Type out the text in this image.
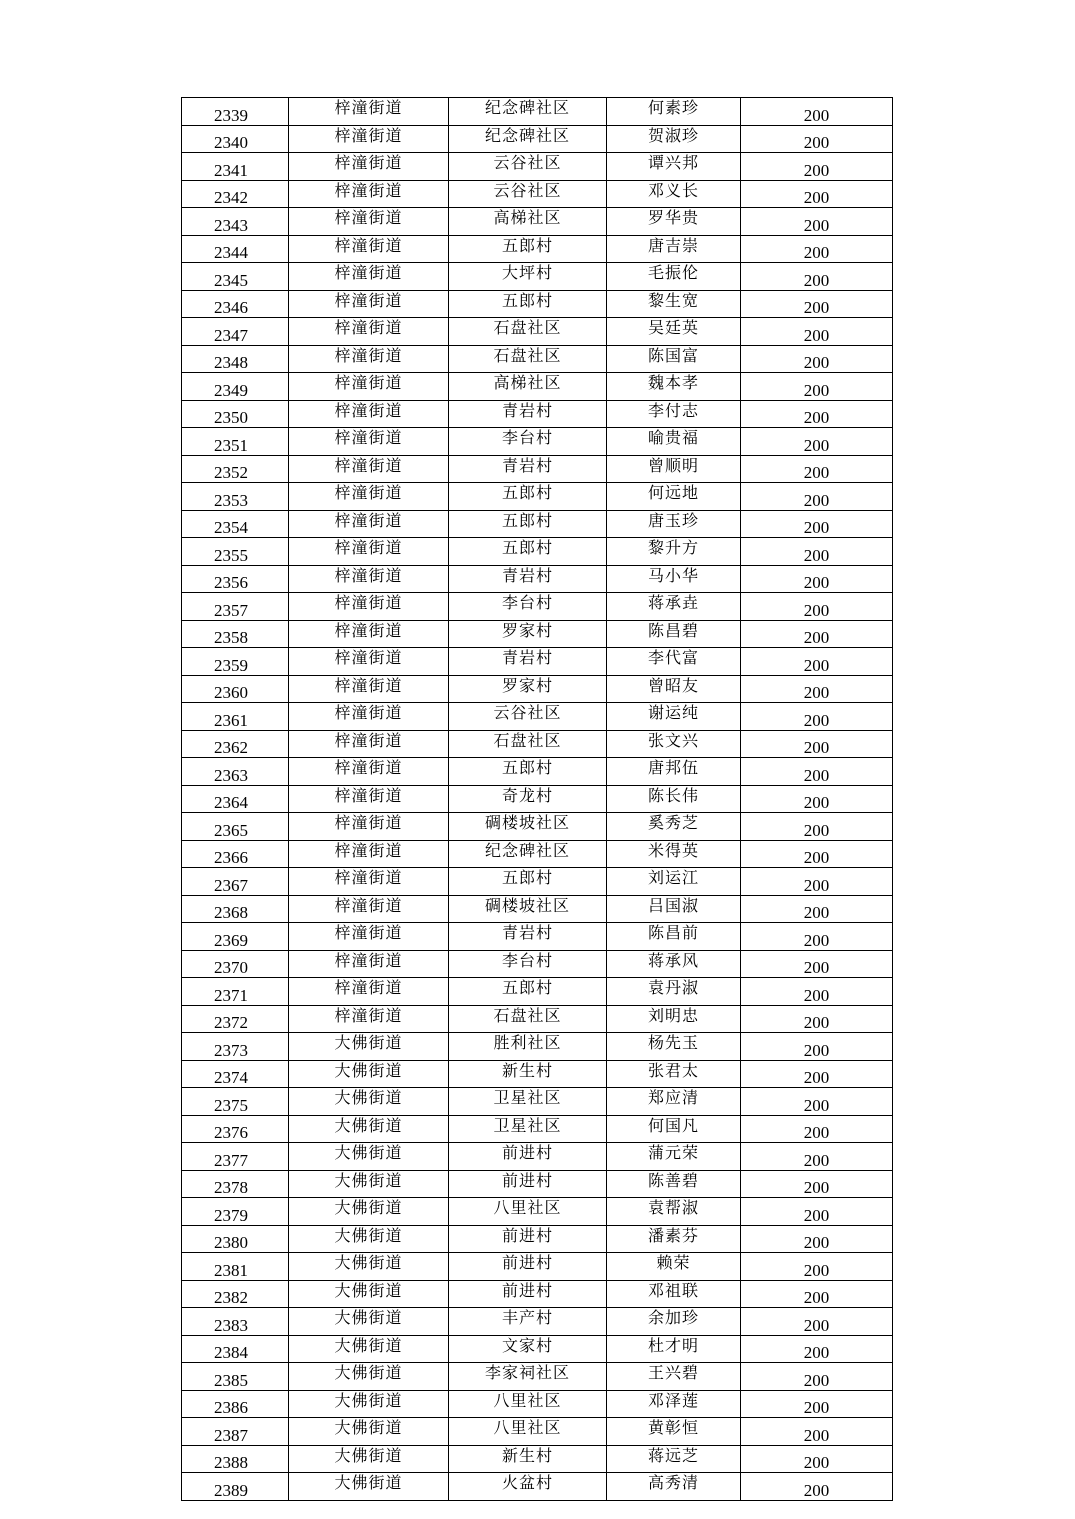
2339	梓潼街道	纪念碑社区	何素珍	200
2340	梓潼街道	纪念碑社区	贺淑珍	200
2341	梓潼街道	云谷社区	谭兴邦	200
2342	梓潼街道	云谷社区	邓义长	200
2343	梓潼街道	高梯社区	罗华贵	200
2344	梓潼街道	五郎村	唐吉崇	200
2345	梓潼街道	大坪村	毛振伦	200
2346	梓潼街道	五郎村	黎生宽	200
2347	梓潼街道	石盘社区	吴廷英	200
2348	梓潼街道	石盘社区	陈国富	200
2349	梓潼街道	高梯社区	魏本孝	200
2350	梓潼街道	青岩村	李付志	200
2351	梓潼街道	李台村	喻贵福	200
2352	梓潼街道	青岩村	曾顺明	200
2353	梓潼街道	五郎村	何远地	200
2354	梓潼街道	五郎村	唐玉珍	200
2355	梓潼街道	五郎村	黎升方	200
2356	梓潼街道	青岩村	马小华	200
2357	梓潼街道	李台村	蒋承垚	200
2358	梓潼街道	罗家村	陈昌碧	200
2359	梓潼街道	青岩村	李代富	200
2360	梓潼街道	罗家村	曾昭友	200
2361	梓潼街道	云谷社区	谢运纯	200
2362	梓潼街道	石盘社区	张文兴	200
2363	梓潼街道	五郎村	唐邦伍	200
2364	梓潼街道	奇龙村	陈长伟	200
2365	梓潼街道	碉楼坡社区	奚秀芝	200
2366	梓潼街道	纪念碑社区	米得英	200
2367	梓潼街道	五郎村	刘运江	200
2368	梓潼街道	碉楼坡社区	吕国淑	200
2369	梓潼街道	青岩村	陈昌前	200
2370	梓潼街道	李台村	蒋承风	200
2371	梓潼街道	五郎村	袁丹淑	200
2372	梓潼街道	石盘社区	刘明忠	200
2373	大佛街道	胜利社区	杨先玉	200
2374	大佛街道	新生村	张君太	200
2375	大佛街道	卫星社区	郑应清	200
2376	大佛街道	卫星社区	何国凡	200
2377	大佛街道	前进村	蒲元荣	200
2378	大佛街道	前进村	陈善碧	200
2379	大佛街道	八里社区	袁帮淑	200
2380	大佛街道	前进村	潘素芬	200
2381	大佛街道	前进村	赖荣	200
2382	大佛街道	前进村	邓祖联	200
2383	大佛街道	丰产村	余加珍	200
2384	大佛街道	文家村	杜才明	200
2385	大佛街道	李家祠社区	王兴碧	200
2386	大佛街道	八里社区	邓泽莲	200
2387	大佛街道	八里社区	黄彰恒	200
2388	大佛街道	新生村	蒋远芝	200
2389	大佛街道	火盆村	高秀清	200
